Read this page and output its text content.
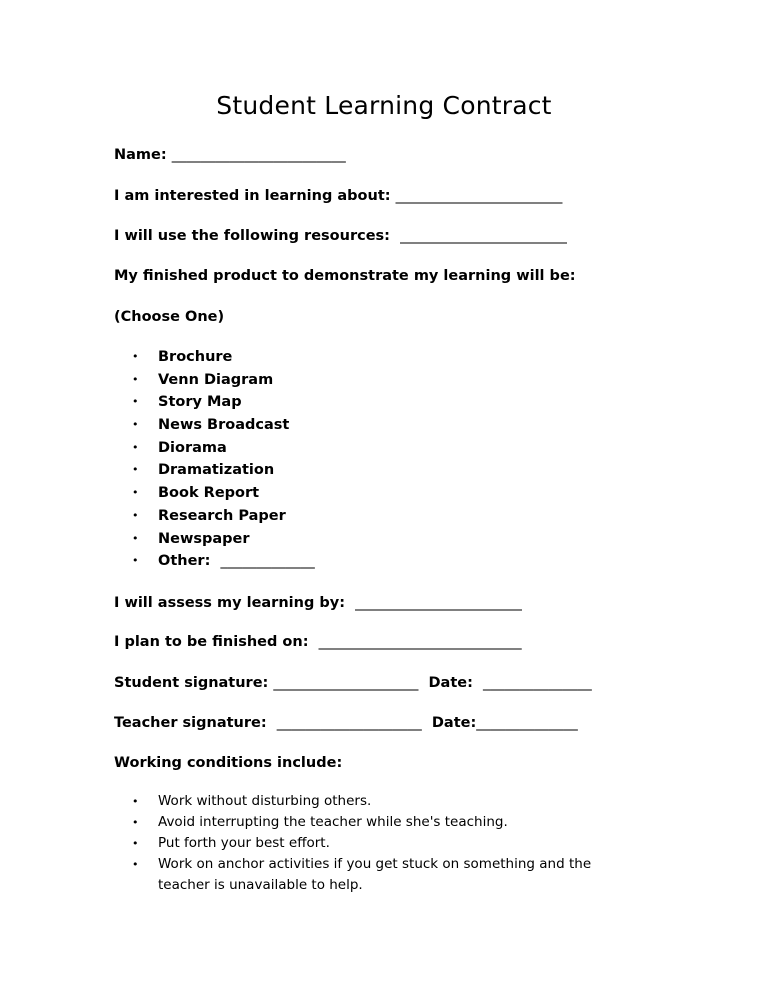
Student Learning Contract
Name: ________________________
I am interested in learning about: _______________________
I will use the following resources: _______________________
My finished product to demonstrate my learning will be:
(Choose One)
• Brochure
• Venn Diagram
• Story Map
• News Broadcast
• Diorama
• Dramatization
• Book Report
• Research Paper
• Newspaper
• Other: _____________
I will assess my learning by: _______________________
I plan to be finished on: ____________________________
Student signature: ____________________ Date: _______________
Teacher signature: ____________________ Date:______________
Working conditions include:
• Work without disturbing others.
• Avoid interrupting the teacher while she's teaching.
• Put forth your best effort.
• Work on anchor activities if you get stuck on something and the teacher is unavailable to help.
